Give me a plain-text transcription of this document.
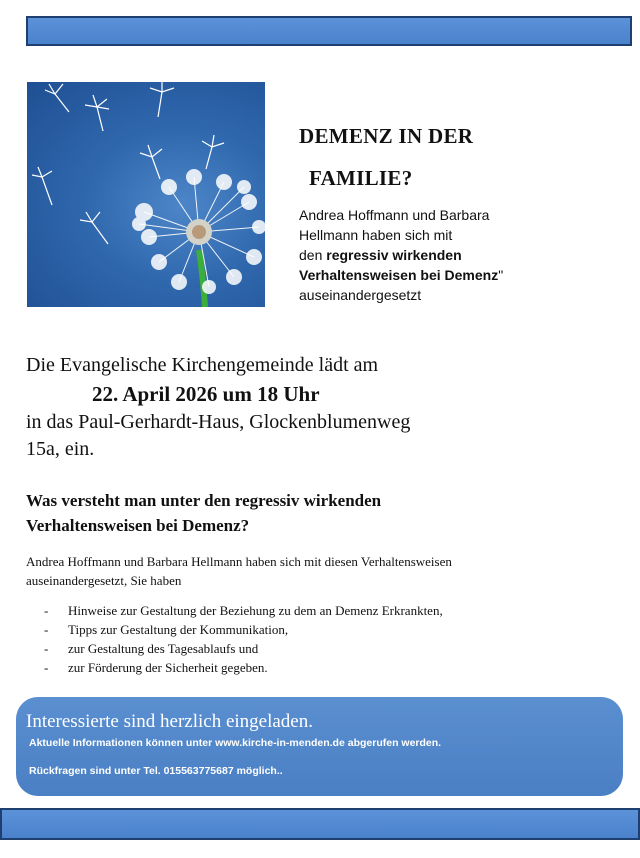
DEMENZ IN DER
FAMILIE?
Andrea Hoffmann und Barbara
Hellmann haben sich mit
den regressiv wirkenden
Verhaltensweisen bei Demenz"
auseinandergesetzt
Die Evangelische Kirchengemeinde lädt am
22. April 2026 um 18 Uhr
in das Paul-Gerhardt-Haus, Glockenblumenweg
15a, ein.
Was versteht man unter den regressiv wirkenden
Verhaltensweisen bei Demenz?
Andrea Hoffmann und Barbara Hellmann haben sich mit diesen Verhaltensweisen
auseinandergesetzt, Sie haben
-	Hinweise zur Gestaltung der Beziehung zu dem an Demenz Erkrankten,
-	Tipps zur Gestaltung der Kommunikation,
-	zur Gestaltung des Tagesablaufs und
-	zur Förderung der Sicherheit gegeben.
Interessierte sind herzlich eingeladen.
Aktuelle Informationen können unter www.kirche-in-menden.de abgerufen werden.
Rückfragen sind unter Tel. 015563775687 möglich..
